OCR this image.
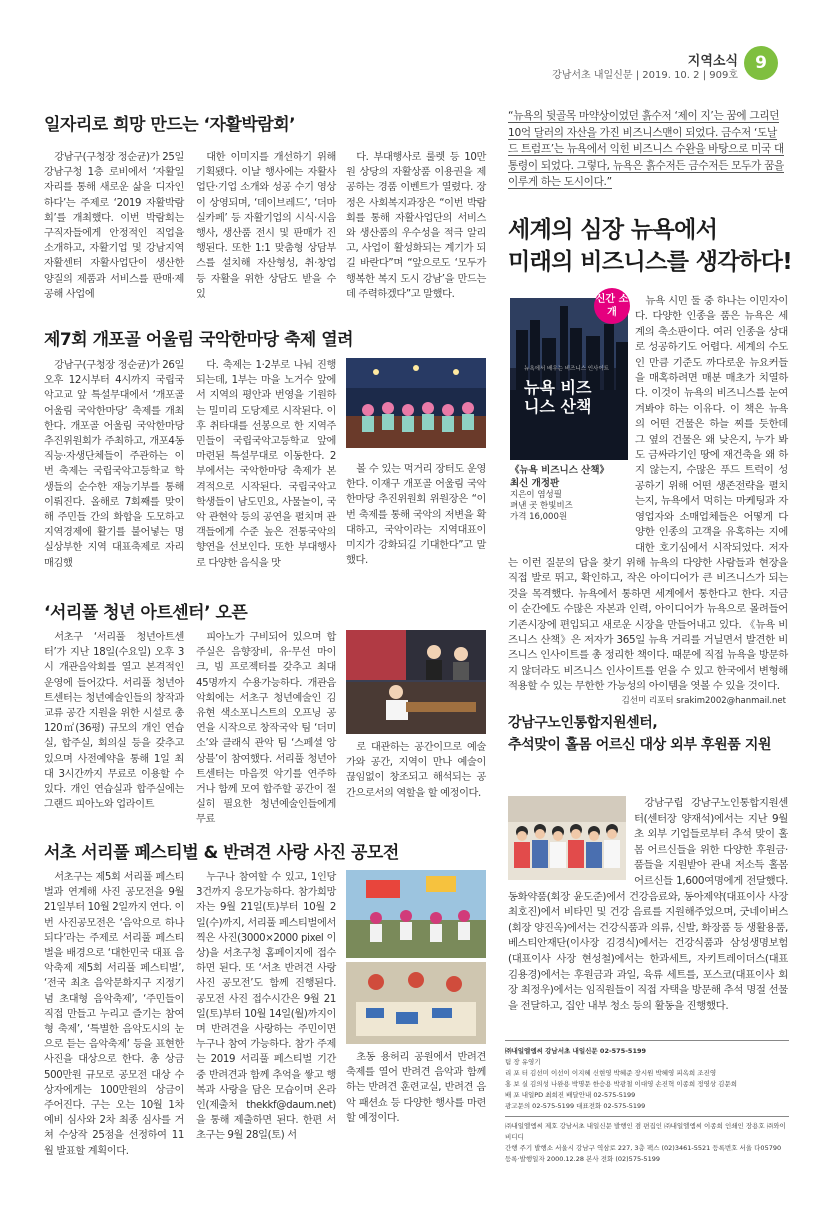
지역소식
강남서초 내일신문 | 2019. 10. 2 | 909호
9
일자리로 희망 만드는 ‘자활박람회’

강남구(구청장 정순균)가 25일 강남구청 1층 로비에서 ‘자활일자리를 통해 새로운 삶을 디자인 하다’는 주제로 ‘2019 자활박람회’를 개최했다. 이번 박람회는 구직자들에게 안정적인 직업을 소개하고, 자활기업 및 강남지역자활센터 자활사업단이 생산한 양질의 제품과 서비스를 판매·제공해 사업에

대한 이미지를 개선하기 위해 기획됐다. 이날 행사에는 자활사업단·기업 소개와 성공 수기 영상이 상영되며, ‘데이브레드’, ‘더마실카페’ 등 자활기업의 시식·시음 행사, 생산품 전시 및 판매가 진행된다. 또한 1:1 맞춤형 상담부스를 설치해 자산형성, 취·창업 등 자활을 위한 상담도 받을 수 있

다. 부대행사로 룰렛 등 10만원 상당의 자활상품 이용권을 제공하는 경품 이벤트가 열렸다. 장정은 사회복지과장은 “이번 박람회를 통해 자활사업단의 서비스와 생산품의 우수성을 적극 알리고, 사업이 활성화되는 계기가 되길 바란다”며 “앞으로도 ‘모두가 행복한 복지 도시 강남’을 만드는데 주력하겠다”고 말했다.

제7회 개포골 어울림 국악한마당 축제 열려

강남구(구청장 정순균)가 26일 오후 12시부터 4시까지 국립국악고교 앞 특설무대에서 ‘개포골 어울림 국악한마당’ 축제를 개최한다. 개포골 어울림 국악한마당 추진위원회가 주최하고, 개포4동 직능·자생단체들이 주관하는 이번 축제는 국립국악고등학교 학생들의 순수한 재능기부를 통해 이뤄진다. 올해로 7회째를 맞이해 주민들 간의 화합을 도모하고 지역경제에 활기를 불어넣는 명실상부한 지역 대표축제로 자리매김했

다. 축제는 1·2부로 나눠 진행되는데, 1부는 마을 노거수 앞에서 지역의 평안과 번영을 기원하는 밀미리 도당제로 시작된다. 이후 취타대를 선봉으로 한 지역주민들이 국립국악고등학교 앞에 마련된 특설무대로 이동한다. 2부에서는 국악한마당 축제가 본격적으로 시작된다. 국립국악고 학생들이 남도민요, 사물놀이, 국악 관현악 등의 공연을 펼치며 관객들에게 수준 높은 전통국악의 향연을 선보인다. 또한 부대행사로 다양한 음식을 맛

볼 수 있는 먹거리 장터도 운영한다. 이재구 개포골 어울림 국악한마당 추진위원회 위원장은 “이번 축제를 통해 국악의 저변을 확대하고, 국악이라는 지역대표이미지가 강화되길 기대한다”고 말했다.

‘서리풀 청년 아트센터’ 오픈

서초구 ‘서리풀 청년아트센터’가 지난 18일(수요일) 오후 3시 개관음악회를 열고 본격적인 운영에 들어갔다. 서리풀 청년아트센터는 청년예술인들의 창작과 교류 공간 지원을 위한 시설로 총 120㎡(36평) 규모의 개인 연습실, 합주실, 회의실 등을 갖추고 있으며 사전예약을 통해 1일 최대 3시간까지 무료로 이용할 수 있다. 개인 연습실과 합주실에는 그랜드 피아노와 업라이트

피아노가 구비되어 있으며 합주실은 음향장비, 유·무선 마이크, 빔 프로젝터를 갖추고 최대 45명까지 수용가능하다. 개관음악회에는 서초구 청년예술인 김유현 색소포니스트의 오프닝 공연을 시작으로 창작국악 팀 ‘더미소’와 클래식 관악 팀 ‘스페셜 앙상블’이 참여했다. 서리풀 청년아트센터는 마음껏 악기를 연주하거나 함께 모여 합주할 공간이 절실히 필요한 청년예술인들에게 무료

로 대관하는 공간이므로 예술가와 공간, 지역이 만나 예술이 끊임없이 창조되고 해석되는 공간으로서의 역할을 할 예정이다.

서초 서리풀 페스티벌 & 반려견 사랑 사진 공모전

서초구는 제5회 서리풀 페스티벌과 연계해 사진 공모전을 9월 21일부터 10월 2일까지 연다. 이번 사진공모전은 ‘음악으로 하나 되다’라는 주제로 서리풀 페스티벌을 배경으로 ‘대한민국 대표 음악축제 제5회 서리풀 페스티벌’, ‘전국 최초 음악문화지구 지정기념 초대형 음악축제’, ‘주민들이 직접 만들고 누리고 즐기는 참여형 축제’, ‘특별한 음악도시의 눈으로 듣는 음악축제’ 등을 표현한 사진을 대상으로 한다. 총 상금 500만원 규모로 공모전 대상 수상자에게는 100만원의 상금이 주어진다. 구는 오는 10월 1차 예비 심사와 2차 최종 심사를 거쳐 수상작 25점을 선정하여 11월 발표할 계획이다.

누구나 참여할 수 있고, 1인당 3건까지 응모가능하다. 참가희망자는 9월 21일(토)부터 10월 2일(수)까지, 서리풀 페스티벌에서 찍은 사진(3000×2000 pixel 이상)을 서초구청 홈페이지에 접수하면 된다. 또 ‘서초 반려견 사랑 사진 공모전’도 함께 진행된다. 공모전 사진 접수시간은 9월 21일(토)부터 10월 14일(월)까지이며 반려견을 사랑하는 주민이면 누구나 참여 가능하다. 참가 주제는 2019 서리풀 페스티벌 기간 중 반려견과 함께 추억을 쌓고 행복과 사랑을 담은 모습이며 온라인(제출처 thekkf@daum.net)을 통해 제출하면 된다. 한편 서초구는 9월 28일(토) 서

초동 용허리 공원에서 반려견 축제를 열어 반려견 음악과 함께하는 반려견 훈련교실, 반려견 음악 패션쇼 등 다양한 행사를 마련할 예정이다.

“뉴욕의 뒷골목 마약상이었던 흙수저 ‘제이 지’는 꿈에 그리던 10억 달러의 자산을 가진 비즈니스맨이 되었다. 금수저 ‘도날드 트럼프’는 뉴욕에서 익힌 비즈니스 수완을 바탕으로 미국 대통령이 되었다. 그렇다, 뉴욕은 흙수저든 금수저든 모두가 꿈을 이루게 하는 도시이다.”
세계의 심장 뉴욕에서
미래의 비즈니스를 생각하다!
뉴욕 비즈니스 산책
뉴욕에서 배우는 비즈니스 인사이트
신간 소개
《뉴욕 비즈니스 산책》
최신 개정판
지은이 염성필
펴낸 곳 한빛비즈
가격 16,000원

뉴욕 시민 둘 중 하나는 이민자이다. 다양한 인종을 품은 뉴욕은 세계의 축소판이다. 여러 인종을 상대로 성공하기도 어렵다. 세계의 수도인 만큼 기준도 까다로운 뉴요커들을 매혹하려면 매분 매초가 치열하다. 이것이 뉴욕의 비즈니스를 눈여겨봐야 하는 이유다. 이 책은 뉴욕의 어떤 건물은 하늘 찌를 듯한데 그 옆의 건물은 왜 낮은지, 누가 봐도 금싸라기인 땅에 재건축을 왜 하지 않는지, 수많은 푸드 트럭이 성공하기 위해 어떤 생존전략을 펼치는지, 뉴욕에서 먹히는 마케팅과 자영업자와 소매업체들은 어떻게 다양한 인종의 고객을 유혹하는 지에 대한 호기심에서 시작되었다. 저자는 이런 질문의 답을 찾기 위해 뉴욕의 다양한 사람들과 현장을 직접 발로 뛰고, 확인하고, 작은 아이디어가 큰 비즈니스가 되는 것을 목격했다. 뉴욕에서 통하면 세계에서 통한다고 한다. 지금 이 순간에도 수많은 자본과 인력, 아이디어가 뉴욕으로 몰려들어 기존시장에 편입되고 새로운 시장을 만들어내고 있다. 《뉴욕 비즈니스 산책》은 저자가 365일 뉴욕 거리를 거닐면서 발견한 비즈니스 인사이트를 총 정리한 책이다. 때문에 직접 뉴욕을 방문하지 않더라도 비즈니스 인사이트를 얻을 수 있고 한국에서 변형해 적용할 수 있는 무한한 가능성의 아이템을 엿볼 수 있을 것이다.

김선미 리포터 srakim2002@hanmail.net
강남구노인통합지원센터,
추석맞이 홀몸 어르신 대상 외부 후원품 지원

강남구립 강남구노인통합지원센터(센터장 양재석)에서는 지난 9월 초 외부 기업들로부터 추석 맞이 홀몸 어르신들을 위한 다양한 후원금·품들을 지원받아 관내 저소득 홀몸 어르신들 1,600여명에게 전달했다. 동화약품(회장 윤도준)에서 건강음료와, 동아제약(대표이사 사장 최호진)에서 비타민 및 건강 음료를 지원해주었으며, 굿네이버스(회장 양진옥)에서는 건강식품과 의류, 신발, 화장품 등 생활용품, 베스티안재단(이사장 김경식)에서는 건강식품과 삼성생명보험(대표이사 사장 현성철)에서는 한과세트, 자키트레이더스(대표 김용경)에서는 후원금과 과일, 육류 세트를, 포스코(대표이사 회장 최정우)에서는 임직원들이 직접 자택을 방문해 추석 명절 선물을 전달하고, 집안 내부 청소 등의 활동을 진행했다.

㈜내일엘엠씨 강남서초 내일신문 02-575-5199
팀 장 유영기
리 포 터 김선미 이선이 이지혜 신현영 박혜준 장시원 박혜영 피옥희 조진영
홍 보 실 김의성 나완용 박명문 한승용 박광철 이대영 손진혁 이종희 정영상 김문희
배 포 내일PD 최희진 배달안내 02-575-5199
광고문의 02-575-5199 대표전화 02-575-5199
㈜내일엘엠씨 제호 강남서초 내일신문 발행인 겸 편집인 ㈜내일엘엠씨 이종희 인쇄인 장용호 ㈜와이비디디
간행 주기 발행소 서울시 강남구 역삼로 227, 3층 팩스 (02)3461-5521 등록번호 서울 다05790
등록·발행일자 2000.12.28 본사 전화 (02)575-5199
